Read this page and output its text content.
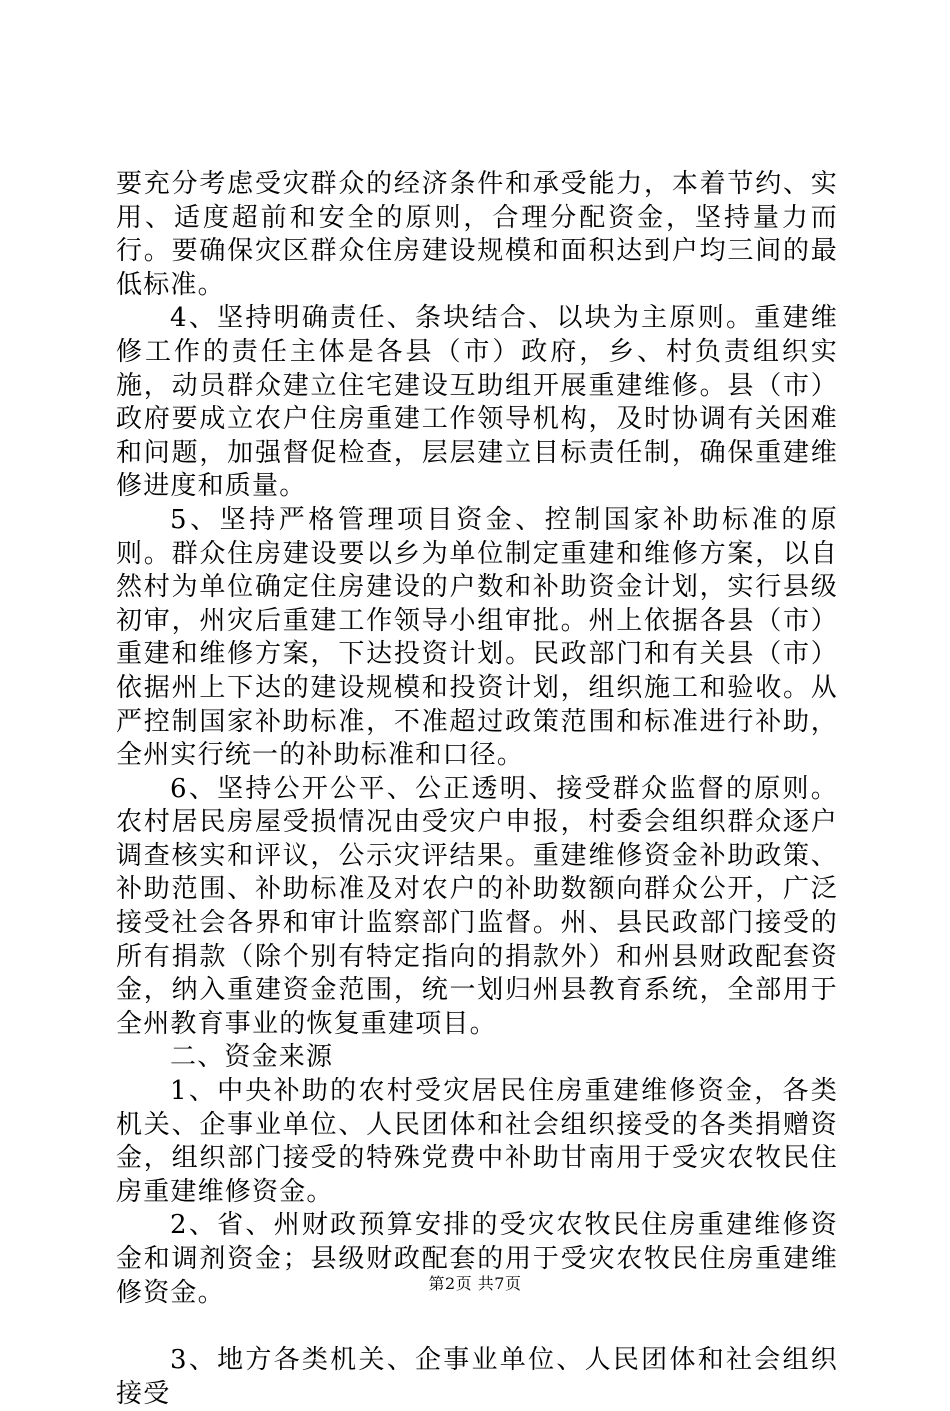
要充分考虑受灾群众的经济条件和承受能力，本着节约、实用、适度超前和安全的原则，合理分配资金，坚持量力而行。要确保灾区群众住房建设规模和面积达到户均三间的最低标准。

4、坚持明确责任、条块结合、以块为主原则。重建维修工作的责任主体是各县（市）政府，乡、村负责组织实施，动员群众建立住宅建设互助组开展重建维修。县（市）政府要成立农户住房重建工作领导机构，及时协调有关困难和问题，加强督促检查，层层建立目标责任制，确保重建维修进度和质量。

5、坚持严格管理项目资金、控制国家补助标准的原则。群众住房建设要以乡为单位制定重建和维修方案，以自然村为单位确定住房建设的户数和补助资金计划，实行县级初审，州灾后重建工作领导小组审批。州上依据各县（市）重建和维修方案，下达投资计划。民政部门和有关县（市）依据州上下达的建设规模和投资计划，组织施工和验收。从严控制国家补助标准，不准超过政策范围和标准进行补助，全州实行统一的补助标准和口径。

6、坚持公开公平、公正透明、接受群众监督的原则。农村居民房屋受损情况由受灾户申报，村委会组织群众逐户调查核实和评议，公示灾评结果。重建维修资金补助政策、补助范围、补助标准及对农户的补助数额向群众公开，广泛接受社会各界和审计监察部门监督。州、县民政部门接受的所有捐款（除个别有特定指向的捐款外）和州县财政配套资金，纳入重建资金范围，统一划归州县教育系统，全部用于全州教育事业的恢复重建项目。

二、资金来源

1、中央补助的农村受灾居民住房重建维修资金，各类机关、企事业单位、人民团体和社会组织接受的各类捐赠资金，组织部门接受的特殊党费中补助甘南用于受灾农牧民住房重建维修资金。

2、省、州财政预算安排的受灾农牧民住房重建维修资金和调剂资金；县级财政配套的用于受灾农牧民住房重建维修资金。

3、地方各类机关、企事业单位、人民团体和社会组织接受

第2页 共7页
